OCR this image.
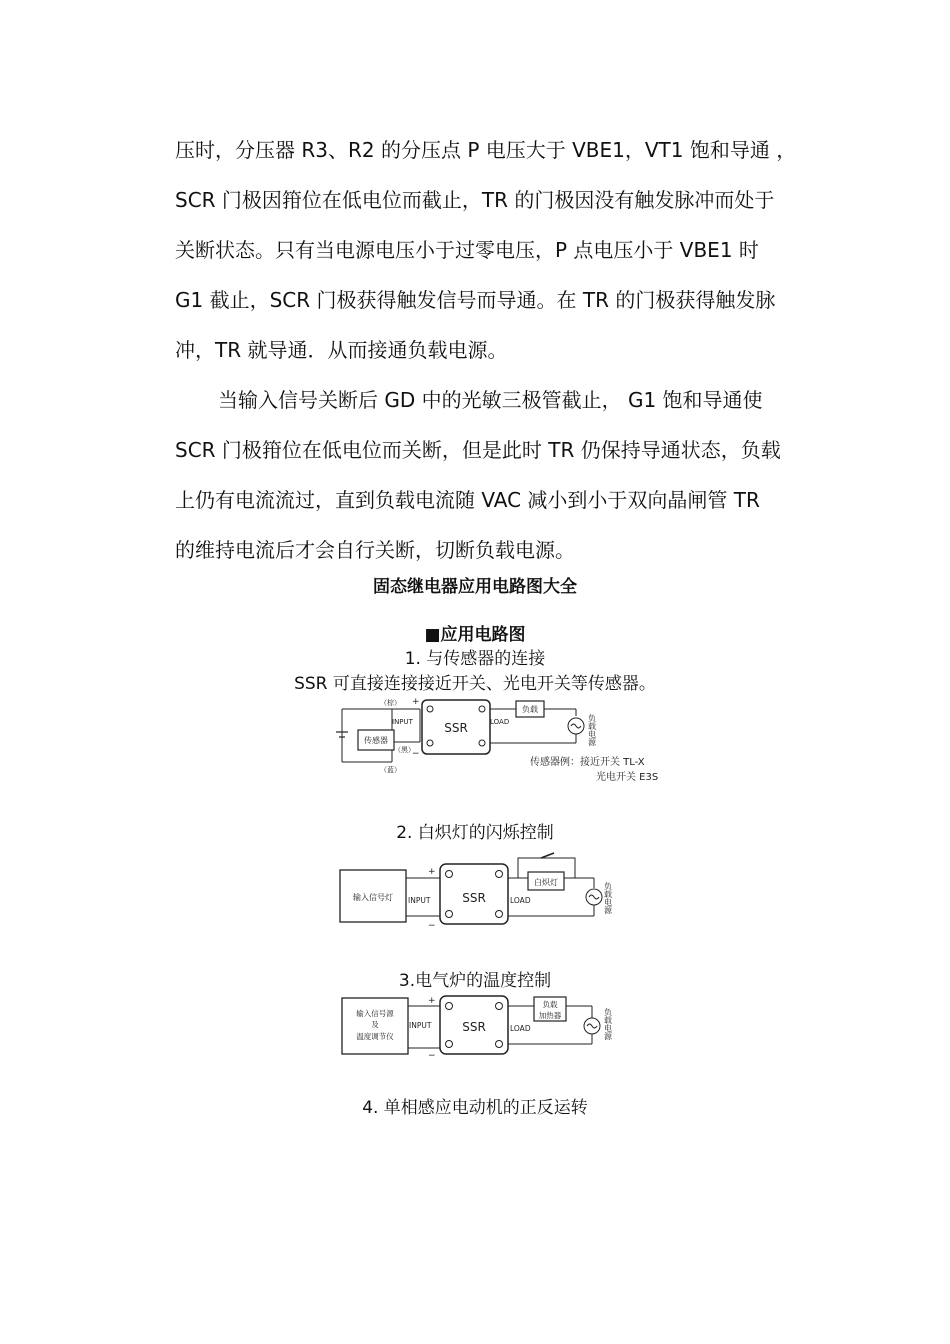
压时，分压器 R3、R2 的分压点 P 电压大于 VBE1，VT1 饱和导通 ，
SCR 门极因箝位在低电位而截止，TR 的门极因没有触发脉冲而处于
关断状态。只有当电源电压小于过零电压，P 点电压小于 VBE1 时
G1 截止，SCR 门极获得触发信号而导通。在 TR 的门极获得触发脉
冲，TR 就导通．从而接通负载电源。
当输入信号关断后 GD 中的光敏三极管截止， G1 饱和导通使
SCR 门极箝位在低电位而关断，但是此时 TR 仍保持导通状态，负载
上仍有电流流过，直到负载电流随 VAC 减小到小于双向晶闸管 TR
的维持电流后才会自行关断，切断负载电源。
固态继电器应用电路图大全
■应用电路图
1. 与传感器的连接
SSR 可直接连接接近开关、光电开关等传感器。
传感器
（棕）
（黑）
（蓝）
+
−
INPUT	SSR	LOAD
负载
负载电源
传感器例：接近开关 TL-X
光电开关 E3S
2. 白炽灯的闪烁控制
输入信号灯
+
−
INPUT	SSR	LOAD
白炽灯	负载电源
3.电气炉的温度控制
输入信号源
及
温度调节仪
+
−
INPUT	SSR	LOAD
负载
加热器	负载电源
4. 单相感应电动机的正反运转
